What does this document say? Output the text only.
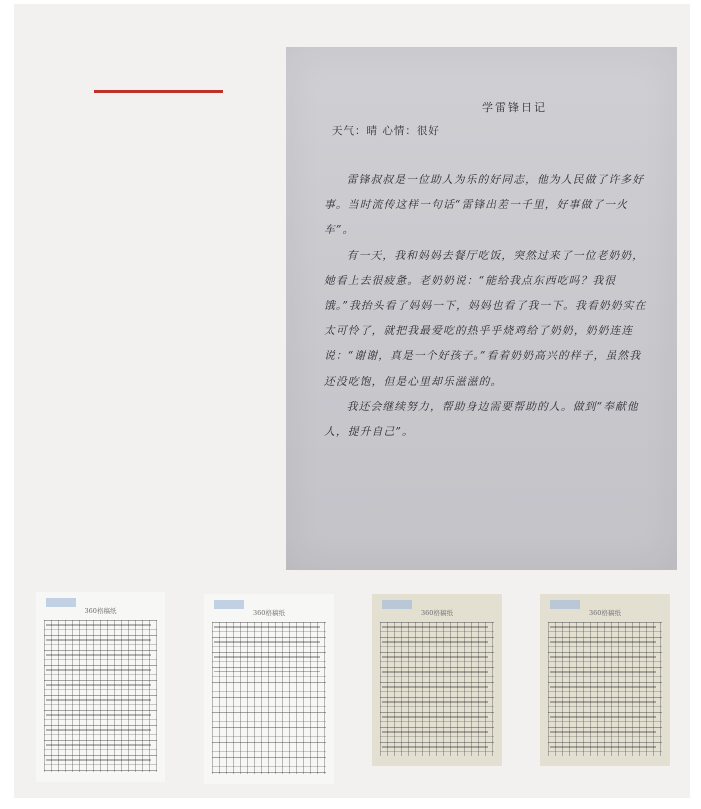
学雷锋日记
天气：晴 心情：很好

雷锋叔叔是一位助人为乐的好同志，他为人民做了许多好事。当时流传这样一句话“雷锋出差一千里，好事做了一火车”。

有一天，我和妈妈去餐厅吃饭，突然过来了一位老奶奶，她看上去很疲惫。老奶奶说：“能给我点东西吃吗？我很饿。”我抬头看了妈妈一下，妈妈也看了我一下。我看奶奶实在太可怜了，就把我最爱吃的热乎乎烧鸡给了奶奶，奶奶连连说：“谢谢，真是一个好孩子。”看着奶奶高兴的样子，虽然我还没吃饱，但是心里却乐滋滋的。

我还会继续努力，帮助身边需要帮助的人。做到“奉献他人，提升自己”。

360格稿纸	360格稿纸	360格稿纸	360格稿纸
